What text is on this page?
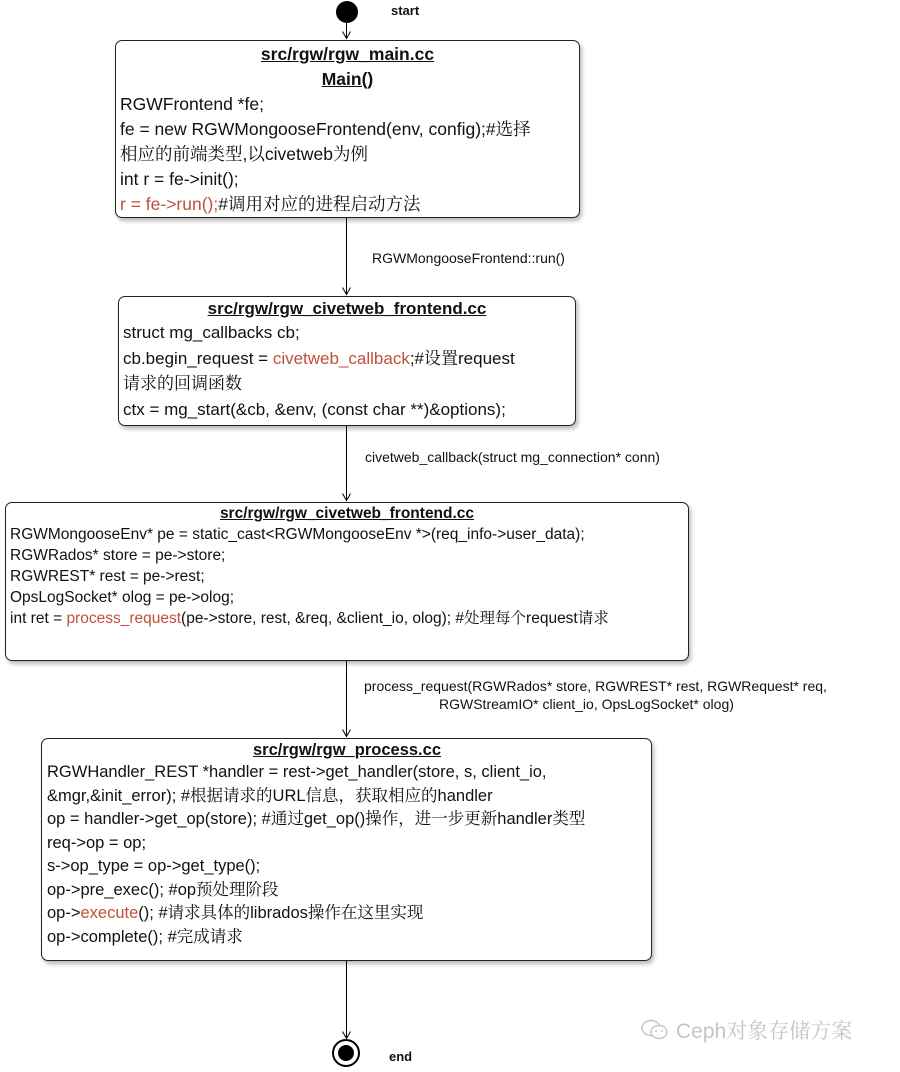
start
src/rgw/rgw_main.cc
Main()
RGWFrontend *fe;
fe = new RGWMongooseFrontend(env, config);#选择
相应的前端类型,以civetweb为例
int r = fe->init();
r = fe->run();#调用对应的进程启动方法
RGWMongooseFrontend::run()
src/rgw/rgw_civetweb_frontend.cc
struct mg_callbacks cb;
cb.begin_request = civetweb_callback;#设置request
请求的回调函数
ctx = mg_start(&cb, &env, (const char **)&options);
civetweb_callback(struct mg_connection* conn)
src/rgw/rgw_civetweb_frontend.cc
RGWMongooseEnv* pe = static_cast<RGWMongooseEnv *>(req_info->user_data);
RGWRados* store = pe->store;
RGWREST* rest = pe->rest;
OpsLogSocket* olog = pe->olog;
int ret = process_request(pe->store, rest, &req, &client_io, olog); #处理每个request请求
process_request(RGWRados* store, RGWREST* rest, RGWRequest* req,
RGWStreamIO* client_io, OpsLogSocket* olog)
src/rgw/rgw_process.cc
RGWHandler_REST *handler = rest->get_handler(store, s, client_io,
&mgr,&init_error); #根据请求的URL信息，获取相应的handler
op = handler->get_op(store); #通过get_op()操作，进一步更新handler类型
req->op = op;
s->op_type = op->get_type();
op->pre_exec(); #op预处理阶段
op->execute(); #请求具体的librados操作在这里实现
op->complete(); #完成请求
end
Ceph对象存储方案
